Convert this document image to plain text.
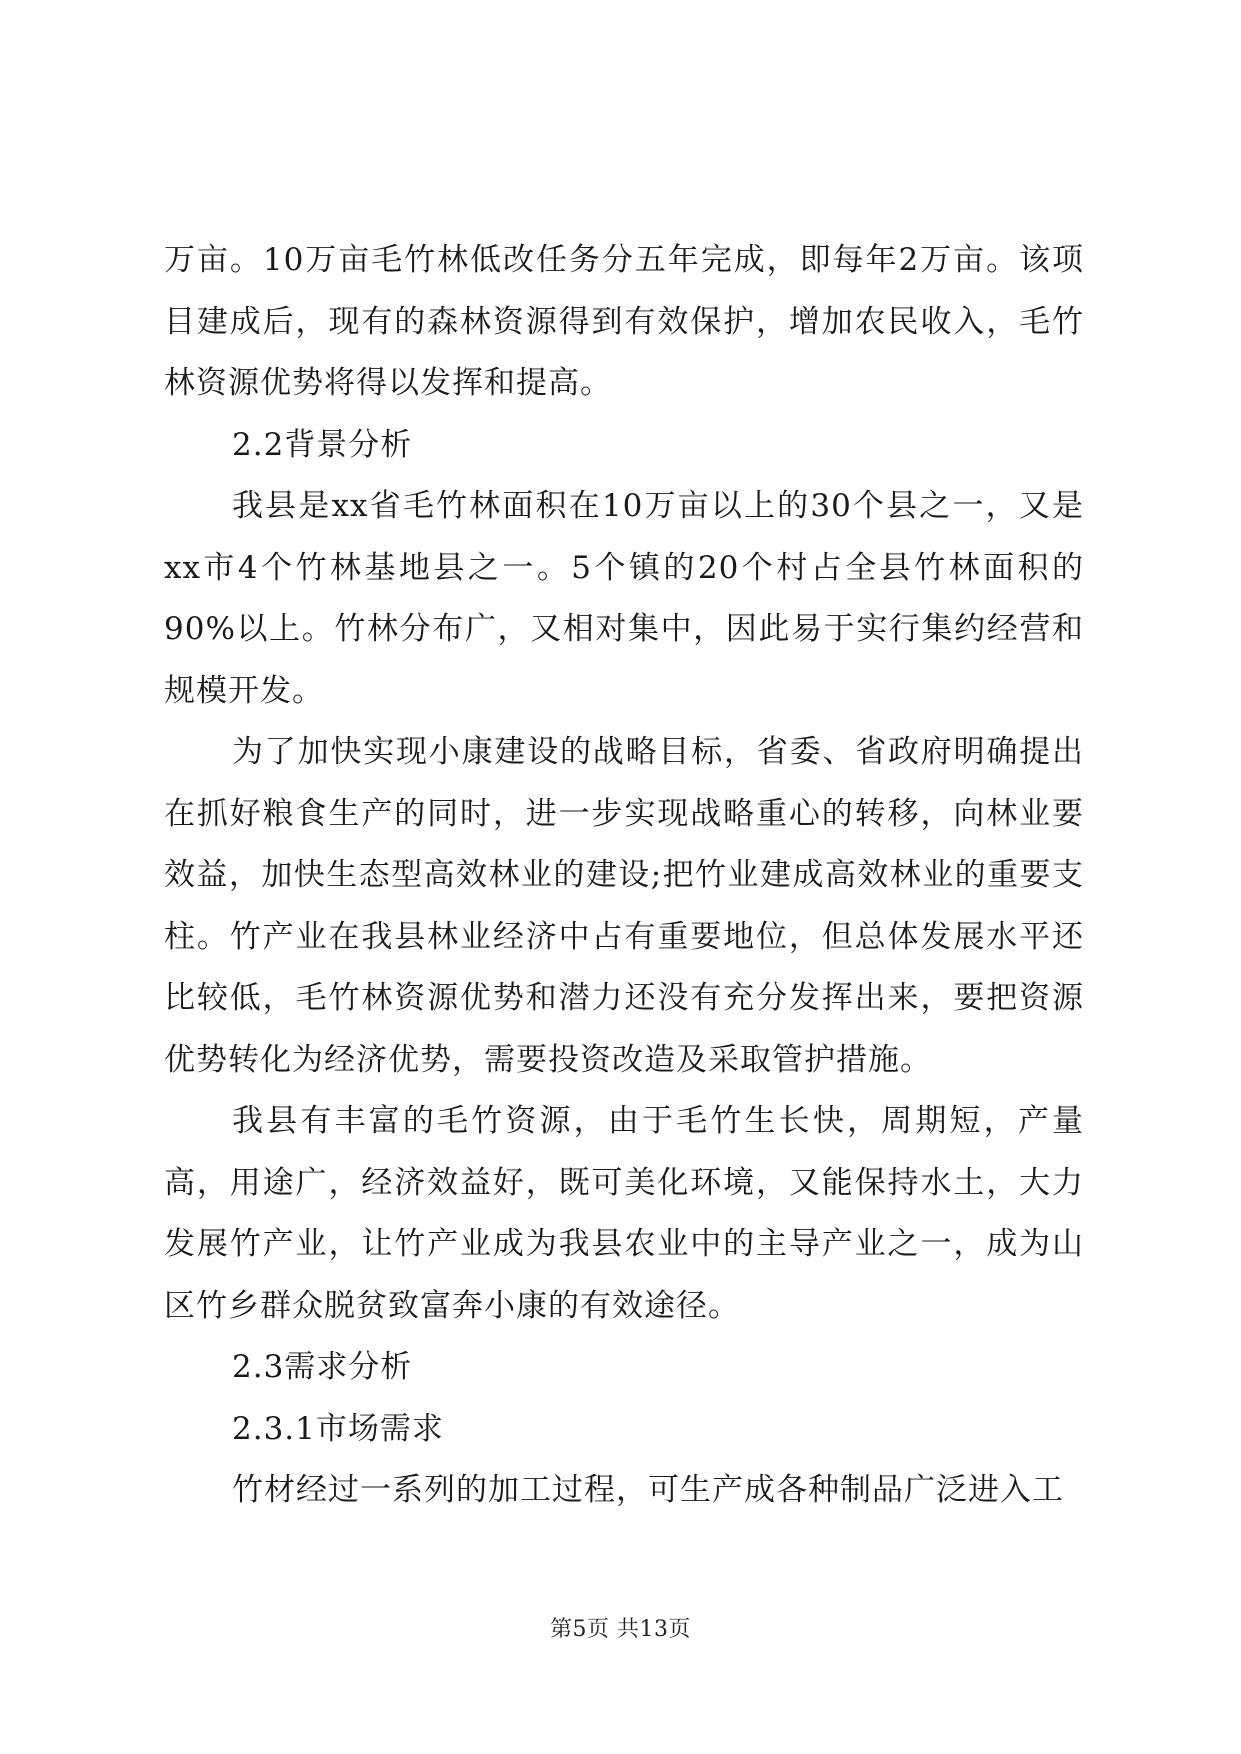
万亩。10万亩毛竹林低改任务分五年完成，即每年2万亩。该项目建成后，现有的森林资源得到有效保护，增加农民收入，毛竹林资源优势将得以发挥和提高。

2.2背景分析

我县是xx省毛竹林面积在10万亩以上的30个县之一，又是xx市4个竹林基地县之一。5个镇的20个村占全县竹林面积的90%以上。竹林分布广，又相对集中，因此易于实行集约经营和规模开发。

为了加快实现小康建设的战略目标，省委、省政府明确提出在抓好粮食生产的同时，进一步实现战略重心的转移，向林业要效益，加快生态型高效林业的建设;把竹业建成高效林业的重要支柱。竹产业在我县林业经济中占有重要地位，但总体发展水平还比较低，毛竹林资源优势和潜力还没有充分发挥出来，要把资源优势转化为经济优势，需要投资改造及采取管护措施。

我县有丰富的毛竹资源，由于毛竹生长快，周期短，产量高，用途广，经济效益好，既可美化环境，又能保持水土，大力发展竹产业，让竹产业成为我县农业中的主导产业之一，成为山区竹乡群众脱贫致富奔小康的有效途径。

2.3需求分析

2.3.1市场需求

竹材经过一系列的加工过程，可生产成各种制品广泛进入工

第5页 共13页
